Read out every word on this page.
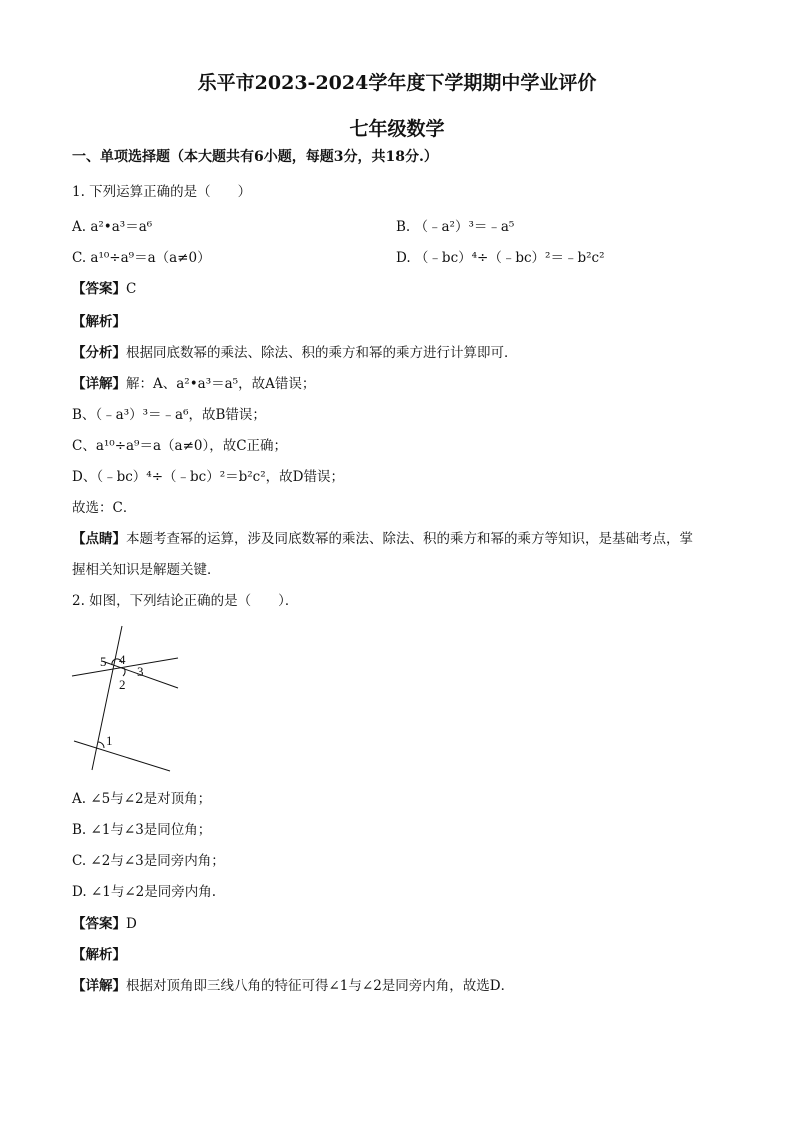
乐平市2023-2024学年度下学期期中学业评价
七年级数学
一、单项选择题（本大题共有6小题，每题3分，共18分.）
1. 下列运算正确的是（　　）
A. a²•a³＝a⁶	B. （﹣a²）³＝﹣a⁵
C. a¹⁰÷a⁹＝a（a≠0）	D. （﹣bc）⁴÷（﹣bc）²＝﹣b²c²
【答案】C
【解析】
【分析】根据同底数幂的乘法、除法、积的乘方和幂的乘方进行计算即可．
【详解】解：A、a²•a³＝a⁵，故A错误；
B、（﹣a³）³＝﹣a⁶，故B错误；
C、a¹⁰÷a⁹＝a（a≠0），故C正确；
D、（﹣bc）⁴÷（﹣bc）²＝b²c²，故D错误；
故选：C．
【点睛】本题考查幂的运算，涉及同底数幂的乘法、除法、积的乘方和幂的乘方等知识，是基础考点，掌
握相关知识是解题关键．
2. 如图，下列结论正确的是（　　）．
5 4
3
2
1
A. ∠5与∠2是对顶角；
B. ∠1与∠3是同位角；
C. ∠2与∠3是同旁内角；
D. ∠1与∠2是同旁内角.
【答案】D
【解析】
【详解】根据对顶角即三线八角的特征可得∠1与∠2是同旁内角，故选D．
